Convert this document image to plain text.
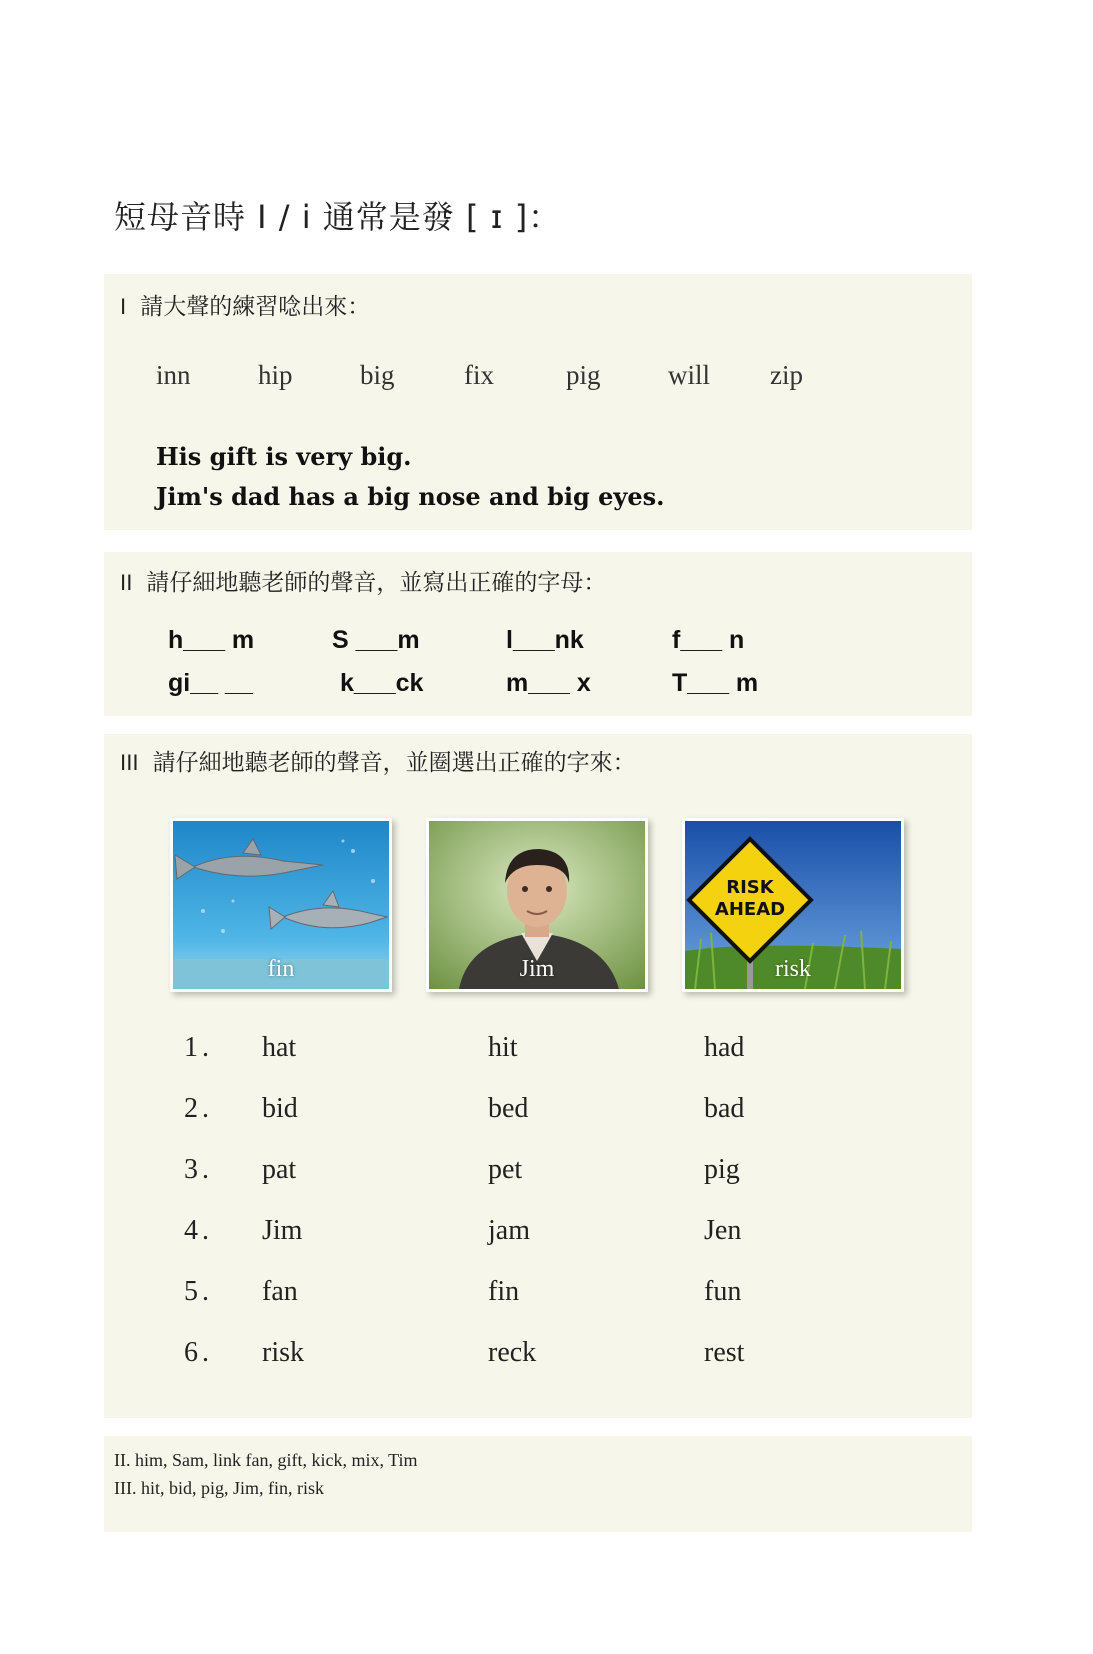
短母音時 I / i 通常是發 [ ɪ ]：
I 請大聲的練習唸出來：
inn hip big	fix	pig will zip
His gift is very big.
Jim's dad has a big nose and big eyes.
II 請仔細地聽老師的聲音，並寫出正確的字母：
h___ m	S ___m	l___nk	f___ n
gi__ __	k___ck	m___ x	T___ m
III 請仔細地聽老師的聲音，並圈選出正確的字來：
fin	Jim
RISK
AHEAD
risk
1. hat	hit	had
2. bid	bed	bad
3. pat	pet	pig
4. Jim	jam	Jen
5. fan	fin	fun
6. risk	reck	rest
II. him, Sam, link fan, gift, kick, mix, Tim
III. hit, bid, pig, Jim, fin, risk
